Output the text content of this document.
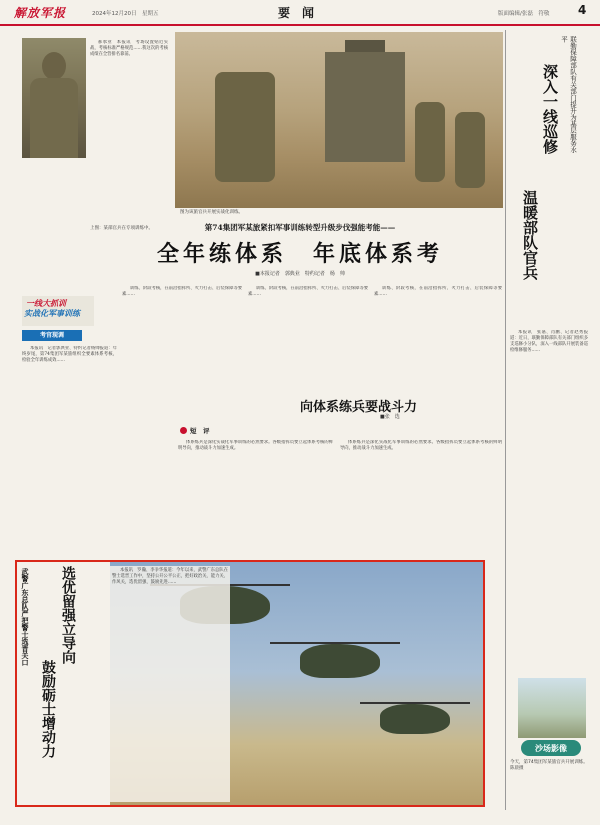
解放军报	2024年12月20日　星期五	要　闻	版面编辑/张磊　符敬 4

郝承业　本报讯　考场设置贴近实战，考核标准严格规范……我这次的考核成绩在全营排名靠前。

上图：某部官兵在专项训练中。
图为该旅官兵开展实战化训练。
第74集团军某旅紧扣军事训练转型升级步伐强能考能——
全年练体系　年底体系考
■本报记者　郭典业　特约记者　杨　帅
联勤保障部队有关部门提升为基层服务水平
深入一线巡修
温暖部队官兵

本报讯　张嘉、肖鹏、记者赵秀报道：近日，联勤保障部队有关部门组织多支巡修小分队，深入一线部队开展装备巡检维修服务……

一线大抓训
实战化军事训练
考官现调

本报讯　记者郭典业、特约记者杨帅报道：年终岁尾，第74集团军某旅组织全要素体系考核，检验全年训练成效……

训练、阶段考核，在前沿指挥所、火力打击、后装保障等要素……

训练、阶段考核，在前沿指挥所、火力打击、后装保障等要素……

训练、阶段考核，在前沿指挥所、火力打击、后装保障等要素……

向体系练兵要战斗力
■张　选
短　评

体系练兵是深化实战化军事训练的必然要求。各级指挥员要立起体系考核的鲜明导向，推动战斗力加速生成。

体系练兵是深化实战化军事训练的必然要求。各级指挥员要立起体系考核的鲜明导向，推动战斗力加速生成。

武警广东总队严把警士选晋关口 选优留强立导向
鼓励砺士增动力

本报讯　罗瀚、李争华报道：今年以来，武警广东总队在警士选晋工作中，坚持公开公平公正，把好政治关、能力关、作风关，选优留强、鼓励先进……

沙场影像
今天，第74集团军某旅官兵开展训练。　陈晨摄
